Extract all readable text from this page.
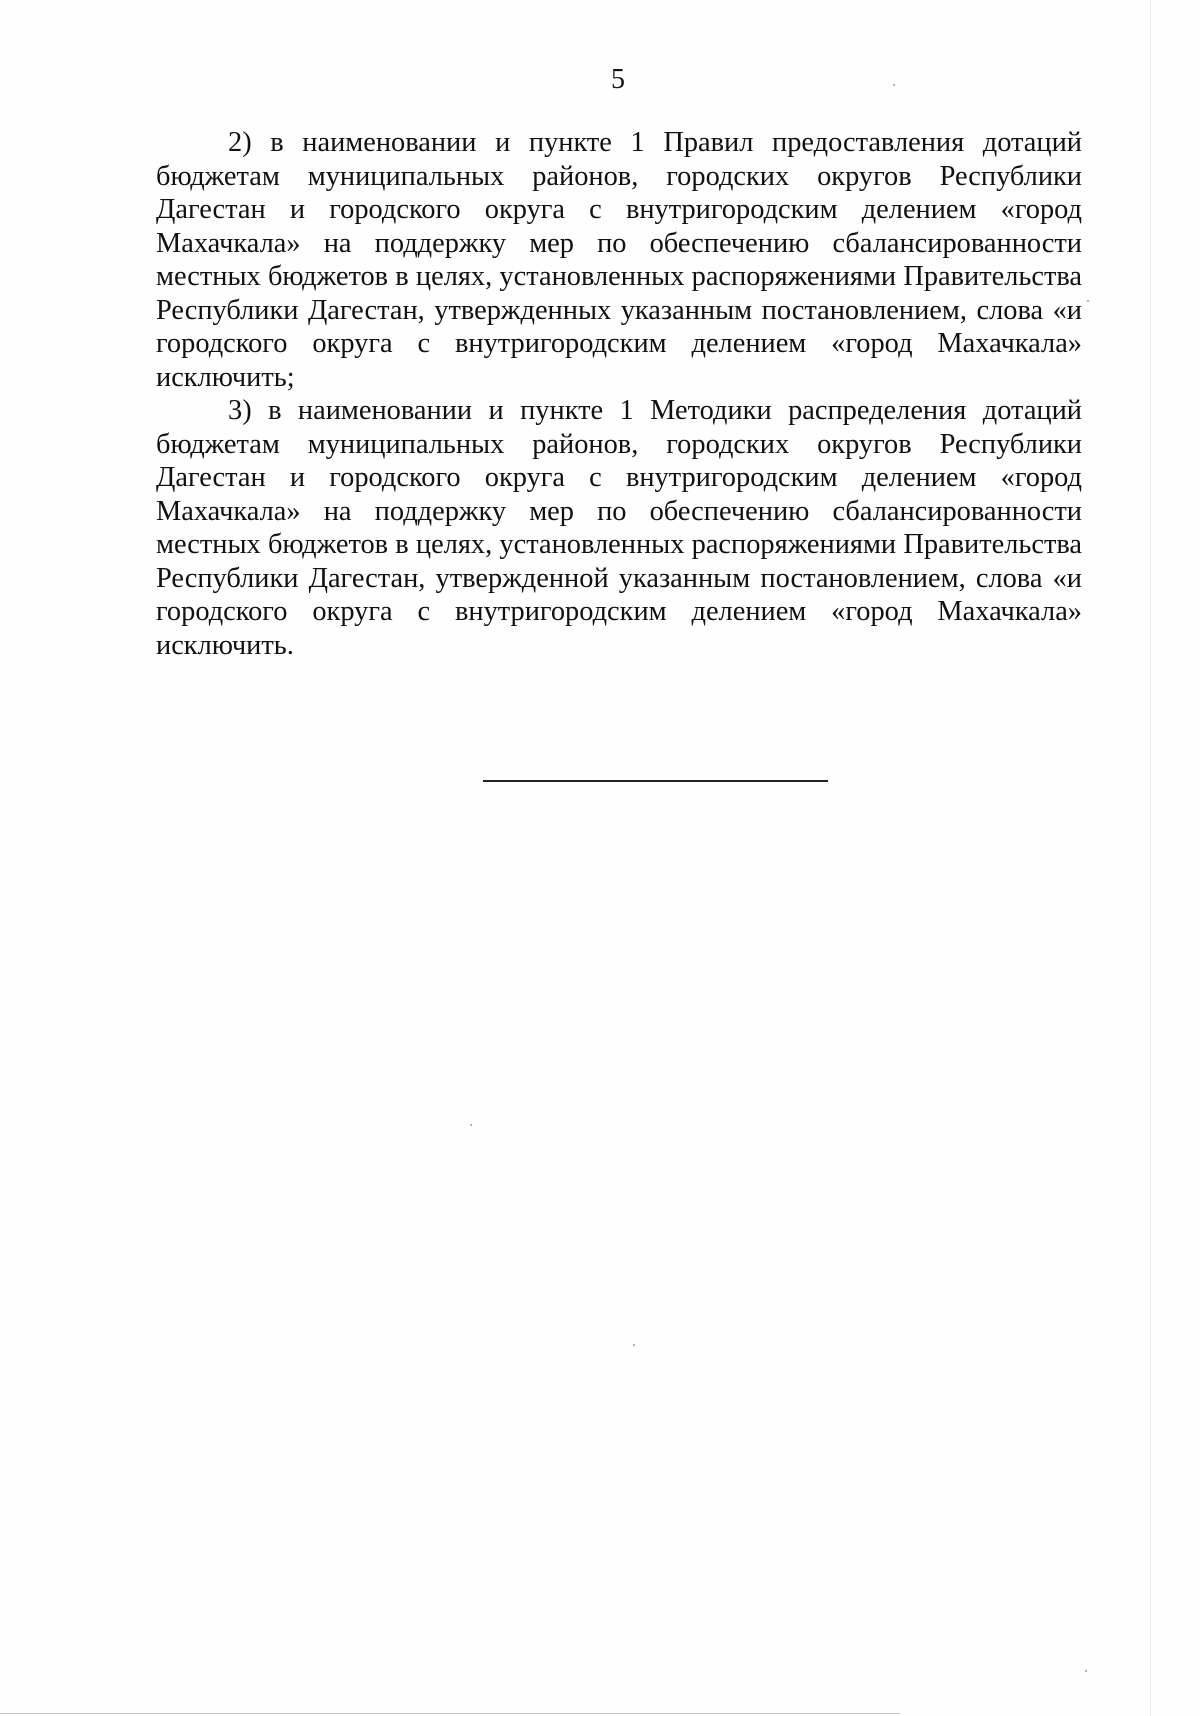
5

2) в наименовании и пункте 1 Правил предоставления дотаций бюджетам муниципальных районов, городских округов Республики Дагестан и городского округа с внутригородским делением «город Махачкала» на поддержку мер по обеспечению сбалансированности местных бюджетов в целях, установленных распоряжениями Правительства Республики Дагестан, утвержденных указанным постановлением, слова «и городского округа с внутригородским делением «город Махачкала» исключить;

3) в наименовании и пункте 1 Методики распределения дотаций бюджетам муниципальных районов, городских округов Республики Дагестан и городского округа с внутригородским делением «город Махачкала» на поддержку мер по обеспечению сбалансированности местных бюджетов в целях, установленных распоряжениями Правительства Республики Дагестан, утвержденной указанным постановлением, слова «и городского округа с внутригородским делением «город Махачкала» исключить.
